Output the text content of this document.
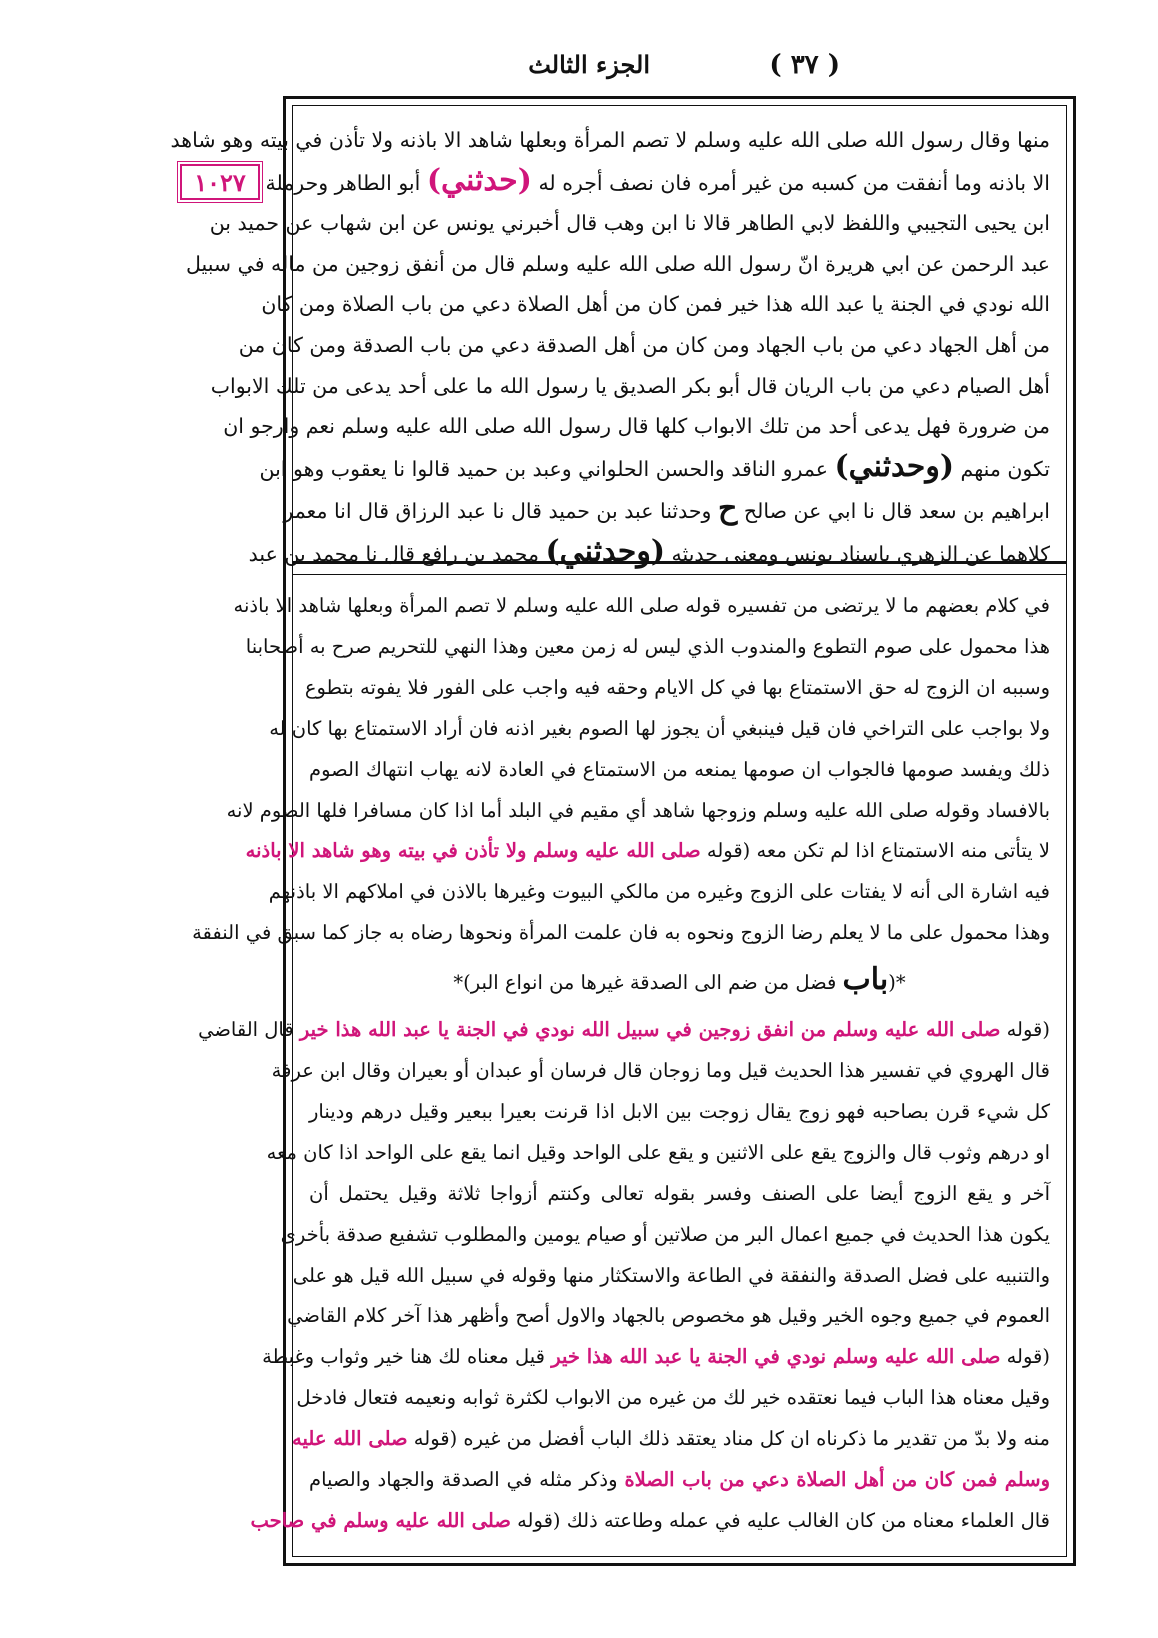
الجزء الثالث	( ٣٧ )
١٠٢٧
منها وقال رسول الله صلى الله عليه وسلم لا تصم المرأة وبعلها شاهد الا باذنه ولا تأذن في بيته وهو شاهد
الا باذنه وما أنفقت من كسبه من غير أمره فان نصف أجره له (حدثني) أبو الطاهر وحرملة
ابن يحيى التجيبي واللفظ لابي الطاهر قالا نا ابن وهب قال أخبرني يونس عن ابن شهاب عن حميد بن
عبد الرحمن عن ابي هريرة انّ رسول الله صلى الله عليه وسلم قال من أنفق زوجين من ماله في سبيل
الله نودي في الجنة يا عبد الله هذا خير فمن كان من أهل الصلاة دعي من باب الصلاة ومن كان
من أهل الجهاد دعي من باب الجهاد ومن كان من أهل الصدقة دعي من باب الصدقة ومن كان من
أهل الصيام دعي من باب الريان قال أبو بكر الصديق يا رسول الله ما على أحد يدعى من تلك الابواب
من ضرورة فهل يدعى أحد من تلك الابواب كلها قال رسول الله صلى الله عليه وسلم نعم وارجو ان
تكون منهم (وحدثني) عمرو الناقد والحسن الحلواني وعبد بن حميد قالوا نا يعقوب وهو ابن
ابراهيم بن سعد قال نا ابي عن صالح ح وحدثنا عبد بن حميد قال نا عبد الرزاق قال انا معمر
كلاهما عن الزهري باسناد يونس ومعنى حديثه (وحدثني) محمد بن رافع قال نا محمد بن عبد
في كلام بعضهم ما لا يرتضى من تفسيره قوله صلى الله عليه وسلم لا تصم المرأة وبعلها شاهد الا باذنه
هذا محمول على صوم التطوع والمندوب الذي ليس له زمن معين وهذا النهي للتحريم صرح به أصحابنا
وسببه ان الزوج له حق الاستمتاع بها في كل الايام وحقه فيه واجب على الفور فلا يفوته بتطوع
ولا بواجب على التراخي فان قيل فينبغي أن يجوز لها الصوم بغير اذنه فان أراد الاستمتاع بها كان له
ذلك ويفسد صومها فالجواب ان صومها يمنعه من الاستمتاع في العادة لانه يهاب انتهاك الصوم
بالافساد وقوله صلى الله عليه وسلم وزوجها شاهد أي مقيم في البلد أما اذا كان مسافرا فلها الصوم لانه
لا يتأتى منه الاستمتاع اذا لم تكن معه (قوله صلى الله عليه وسلم ولا تأذن في بيته وهو شاهد الا باذنه
فيه اشارة الى أنه لا يفتات على الزوج وغيره من مالكي البيوت وغيرها بالاذن في املاكهم الا باذنهم
وهذا محمول على ما لا يعلم رضا الزوج ونحوه به فان علمت المرأة ونحوها رضاه به جاز كما سبق في النفقة
*(باب فضل من ضم الى الصدقة غيرها من انواع البر)*
(قوله صلى الله عليه وسلم من انفق زوجين في سبيل الله نودي في الجنة يا عبد الله هذا خير قال القاضي
قال الهروي في تفسير هذا الحديث قيل وما زوجان قال فرسان أو عبدان أو بعيران وقال ابن عرفة
كل شيء قرن بصاحبه فهو زوج يقال زوجت بين الابل اذا قرنت بعيرا ببعير وقيل درهم ودينار
او درهم وثوب قال والزوج يقع على الاثنين و يقع على الواحد وقيل انما يقع على الواحد اذا كان معه
آخر و يقع الزوج أيضا على الصنف وفسر بقوله تعالى وكنتم أزواجا ثلاثة وقيل يحتمل أن
يكون هذا الحديث في جميع اعمال البر من صلاتين أو صيام يومين والمطلوب تشفيع صدقة بأخرى
والتنبيه على فضل الصدقة والنفقة في الطاعة والاستكثار منها وقوله في سبيل الله قيل هو على
العموم في جميع وجوه الخير وقيل هو مخصوص بالجهاد والاول أصح وأظهر هذا آخر كلام القاضي
(قوله صلى الله عليه وسلم نودي في الجنة يا عبد الله هذا خير قيل معناه لك هنا خير وثواب وغبطة
وقيل معناه هذا الباب فيما نعتقده خير لك من غيره من الابواب لكثرة ثوابه ونعيمه فتعال فادخل
منه ولا بدّ من تقدير ما ذكرناه ان كل مناد يعتقد ذلك الباب أفضل من غيره (قوله صلى الله عليه
وسلم فمن كان من أهل الصلاة دعي من باب الصلاة وذكر مثله في الصدقة والجهاد والصيام
قال العلماء معناه من كان الغالب عليه في عمله وطاعته ذلك (قوله صلى الله عليه وسلم في صاحب
